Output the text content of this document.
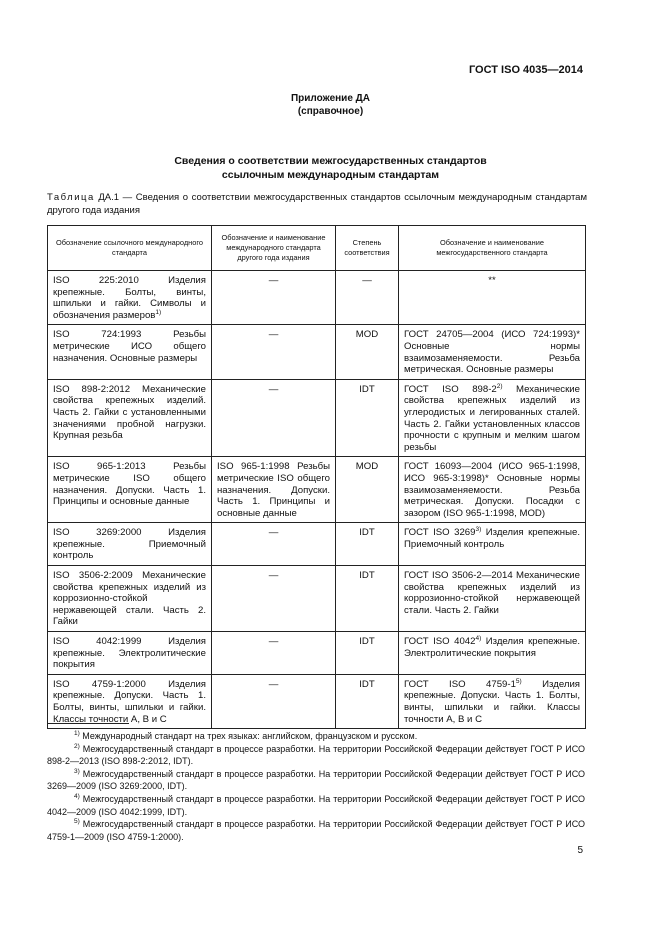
ГОСТ ISO 4035—2014
Приложение ДА
(справочное)
Сведения о соответствии межгосударственных стандартов
ссылочным международным стандартам
Таблица ДА.1 — Сведения о соответствии межгосударственных стандартов ссылочным международным стандартам другого года издания
Обозначение ссылочного международного стандарта	Обозначение и наименование международного стандарта другого года издания	Степень соответствия	Обозначение и наименование межгосударственного стандарта
ISO 225:2010 Изделия крепежные. Болты, винты, шпильки и гайки. Символы и обозначения размеров$^{1)}$	—	—	**
ISO 724:1993 Резьбы метрические ИСО общего назначения. Основные размеры	—	MOD	ГОСТ 24705—2004 (ИСО 724:1993)* Основные нормы взаимозаменяемости. Резьба метрическая. Основные размеры
ISO 898-2:2012 Механические свойства крепежных изделий. Часть 2. Гайки с установленными значениями пробной нагрузки. Крупная резьба	—	IDT	ГОСТ ISO 898-2$^{2)}$ Механические свойства крепежных изделий из углеродистых и легированных сталей. Часть 2. Гайки установленных классов прочности с крупным и мелким шагом резьбы
ISO 965-1:2013 Резьбы метрические ISO общего назначения. Допуски. Часть 1. Принципы и основные данные	ISO 965-1:1998 Резьбы метрические ISO общего назначения. Допуски. Часть 1. Принципы и основные данные	MOD	ГОСТ 16093—2004 (ИСО 965-1:1998, ИСО 965-3:1998)* Основные нормы взаимозаменяемости. Резьба метрическая. Допуски. Посадки с зазором (ISO 965-1:1998, MOD)
ISO 3269:2000 Изделия крепежные. Приемочный контроль	—	IDT	ГОСТ ISO 3269$^{3)}$ Изделия крепежные. Приемочный контроль
ISO 3506-2:2009 Механические свойства крепежных изделий из коррозионно-стойкой нержавеющей стали. Часть 2. Гайки	—	IDT	ГОСТ ISO 3506-2—2014 Механические свойства крепежных изделий из коррозионно-стойкой нержавеющей стали. Часть 2. Гайки
ISO 4042:1999 Изделия крепежные. Электролитические покрытия	—	IDT	ГОСТ ISO 4042$^{4)}$ Изделия крепежные. Электролитические покрытия
ISO 4759-1:2000 Изделия крепежные. Допуски. Часть 1. Болты, винты, шпильки и гайки. Классы точности А, В и С	—	IDT	ГОСТ ISO 4759-1$^{5)}$ Изделия крепежные. Допуски. Часть 1. Болты, винты, шпильки и гайки. Классы точности А, В и С
$^{1)}$ Международный стандарт на трех языках: английском, французском и русском.
$^{2)}$ Межгосударственный стандарт в процессе разработки. На территории Российской Федерации действует ГОСТ Р ИСО 898-2—2013 (ISO 898-2:2012, IDT).
$^{3)}$ Межгосударственный стандарт в процессе разработки. На территории Российской Федерации действует ГОСТ Р ИСО 3269—2009 (ISO 3269:2000, IDT).
$^{4)}$ Межгосударственный стандарт в процессе разработки. На территории Российской Федерации действует ГОСТ Р ИСО 4042—2009 (ISO 4042:1999, IDT).
$^{5)}$ Межгосударственный стандарт в процессе разработки. На территории Российской Федерации действует ГОСТ Р ИСО 4759-1—2009 (ISO 4759-1:2000).
5
